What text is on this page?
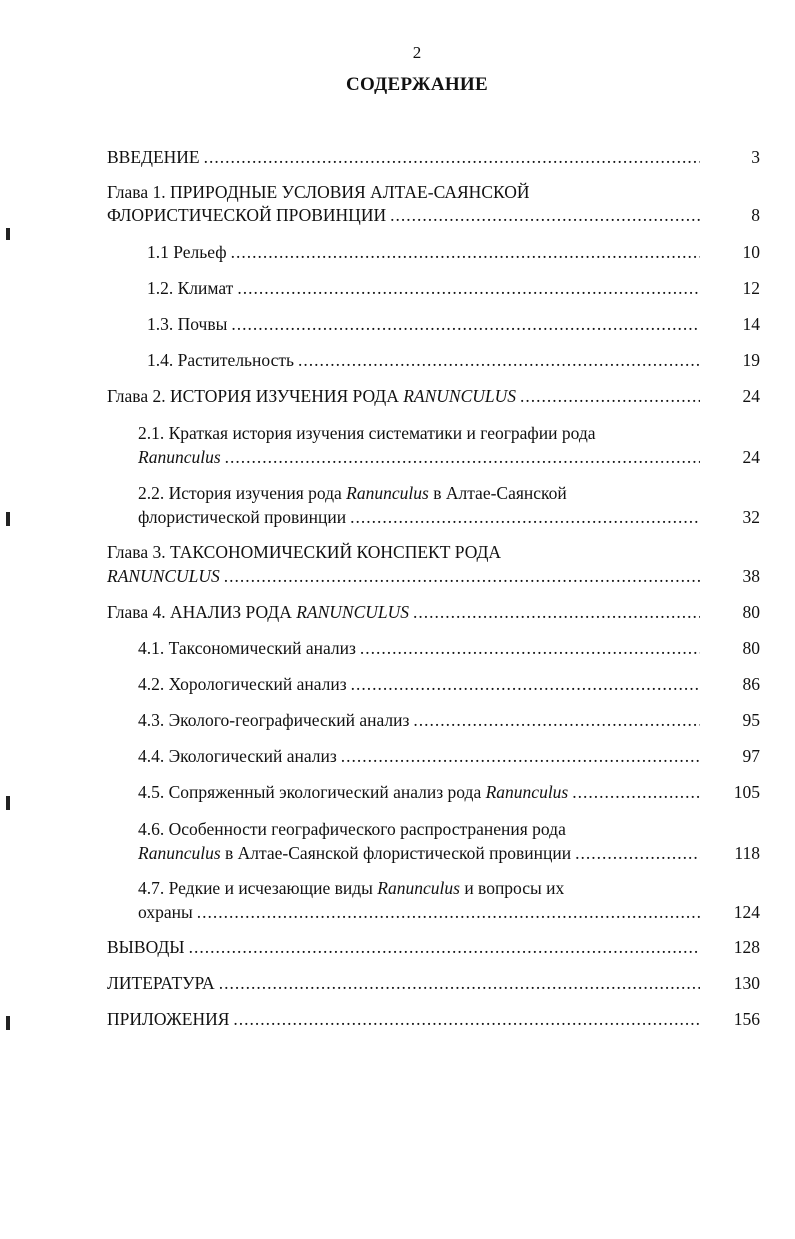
2
СОДЕРЖАНИЕ
ВВЕДЕНИЕ .....	3
Глава 1. ПРИРОДНЫЕ УСЛОВИЯ АЛТАЕ-САЯНСКОЙ
ФЛОРИСТИЧЕСКОЙ ПРОВИНЦИИ .....	8
1.1 Рельеф .....	10
1.2. Климат .....	12
1.3. Почвы .....	14
1.4. Растительность .....	19
Глава 2. ИСТОРИЯ ИЗУЧЕНИЯ РОДА RANUNCULUS .....	24
2.1. Краткая история изучения систематики и географии рода
Ranunculus .....	24
2.2. История изучения рода Ranunculus в Алтае-Саянской
флористической провинции .....	32
Глава 3. ТАКСОНОМИЧЕСКИЙ КОНСПЕКТ РОДА
RANUNCULUS .....	38
Глава 4. АНАЛИЗ РОДА RANUNCULUS .....	80
4.1. Таксономический анализ .....	80
4.2. Хорологический анализ .....	86
4.3. Эколого-географический анализ .....	95
4.4. Экологический анализ .....	97
4.5. Сопряженный экологический анализ рода Ranunculus .....	105
4.6. Особенности географического распространения рода
Ranunculus в Алтае-Саянской флористической провинции .....	118
4.7. Редкие и исчезающие виды Ranunculus и вопросы их
охраны .....	124
ВЫВОДЫ .....	128
ЛИТЕРАТУРА .....	130
ПРИЛОЖЕНИЯ .....	156
